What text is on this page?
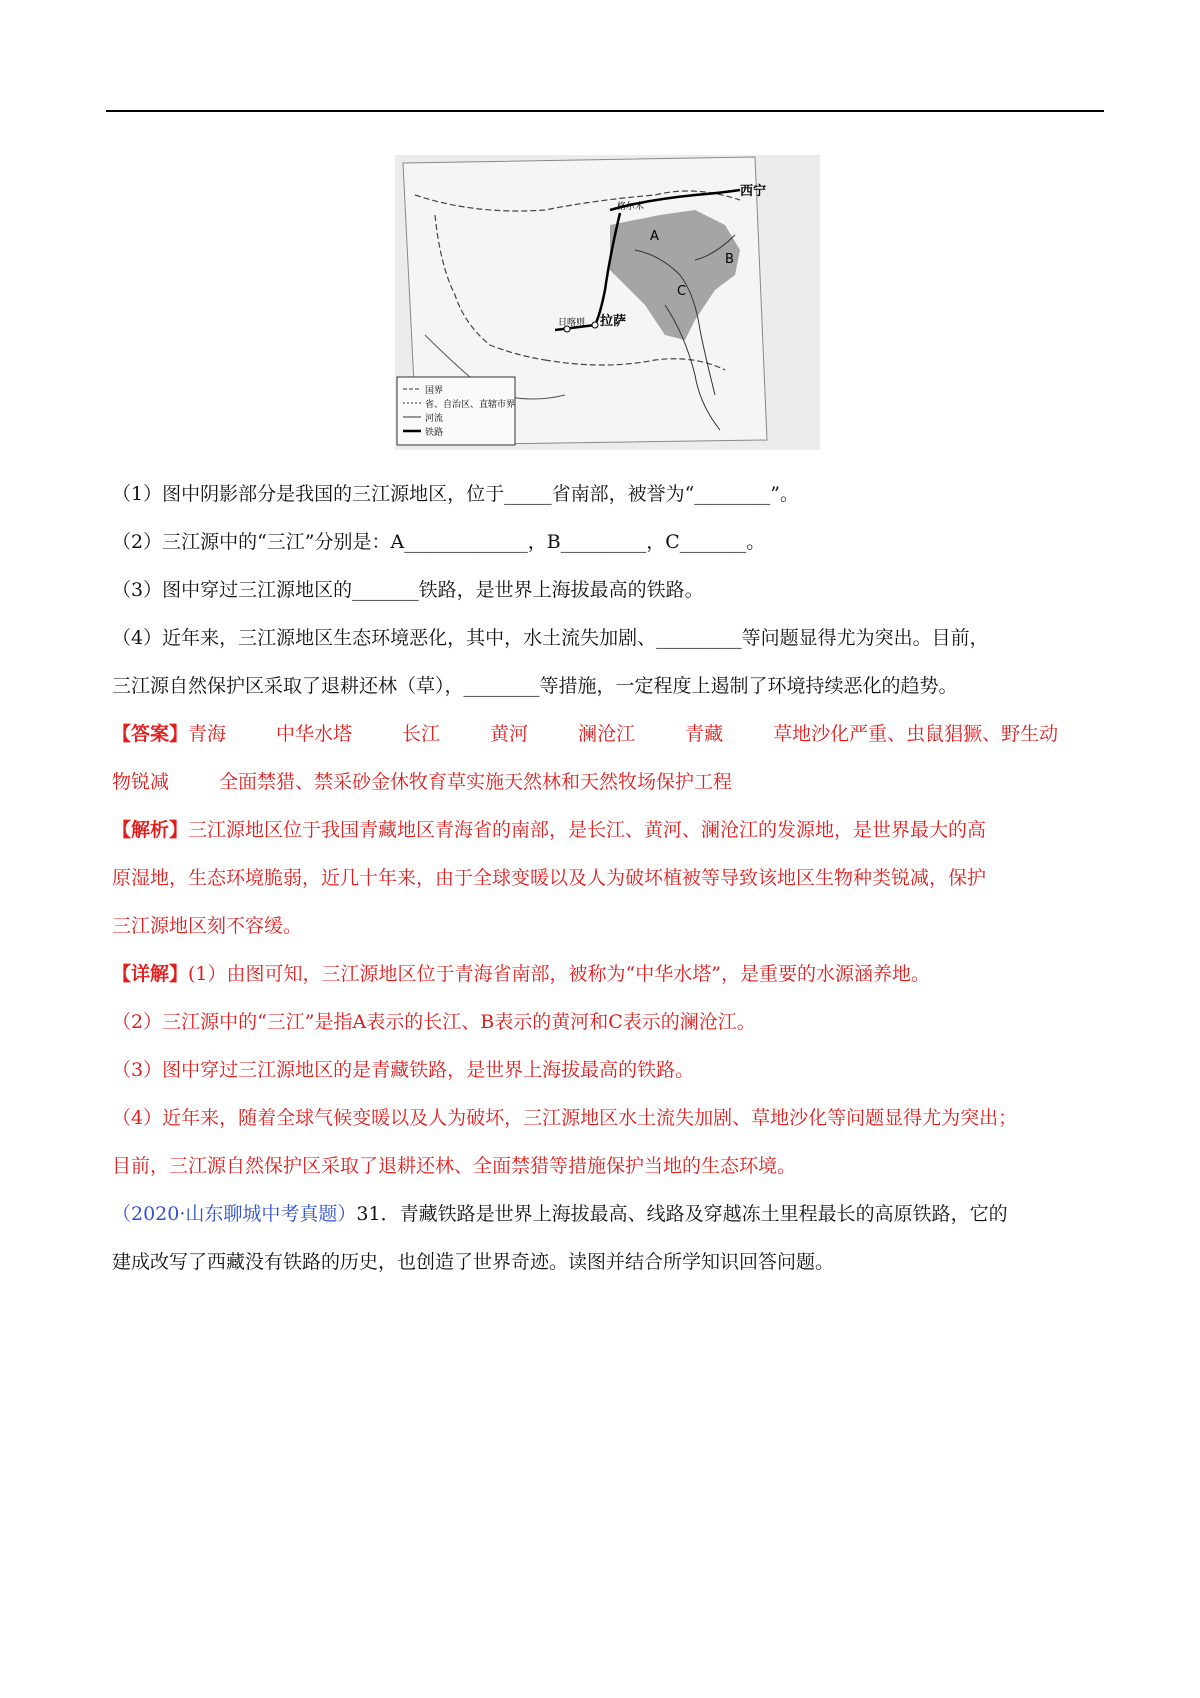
国界
省、自治区、直辖市界
河流
铁路
西宁
格尔木
A
B
C
拉萨
日喀则

（1）图中阴影部分是我国的三江源地区，位于_____省南部，被誉为“________”。

（2）三江源中的“三江”分别是：A_____________，B_________，C_______。

（3）图中穿过三江源地区的_______铁路，是世界上海拔最高的铁路。

（4）近年来，三江源地区生态环境恶化，其中，水土流失加剧、_________等问题显得尤为突出。目前，

三江源自然保护区采取了退耕还林（草），________等措施，一定程度上遏制了环境持续恶化的趋势。

【答案】青海	中华水塔	长江	黄河	澜沧江	青藏	草地沙化严重、虫鼠猖獗、野生动

物锐减	全面禁猎、禁采砂金休牧育草实施天然林和天然牧场保护工程

【解析】三江源地区位于我国青藏地区青海省的南部，是长江、黄河、澜沧江的发源地，是世界最大的高

原湿地，生态环境脆弱，近几十年来，由于全球变暖以及人为破坏植被等导致该地区生物种类锐减，保护

三江源地区刻不容缓。

【详解】(1）由图可知，三江源地区位于青海省南部，被称为“中华水塔”，是重要的水源涵养地。

（2）三江源中的“三江”是指A表示的长江、B表示的黄河和C表示的澜沧江。

（3）图中穿过三江源地区的是青藏铁路，是世界上海拔最高的铁路。

（4）近年来，随着全球气候变暖以及人为破坏，三江源地区水土流失加剧、草地沙化等问题显得尤为突出；

目前，三江源自然保护区采取了退耕还林、全面禁猎等措施保护当地的生态环境。

（2020·山东聊城中考真题）31．青藏铁路是世界上海拔最高、线路及穿越冻土里程最长的高原铁路，它的

建成改写了西藏没有铁路的历史，也创造了世界奇迹。读图并结合所学知识回答问题。
